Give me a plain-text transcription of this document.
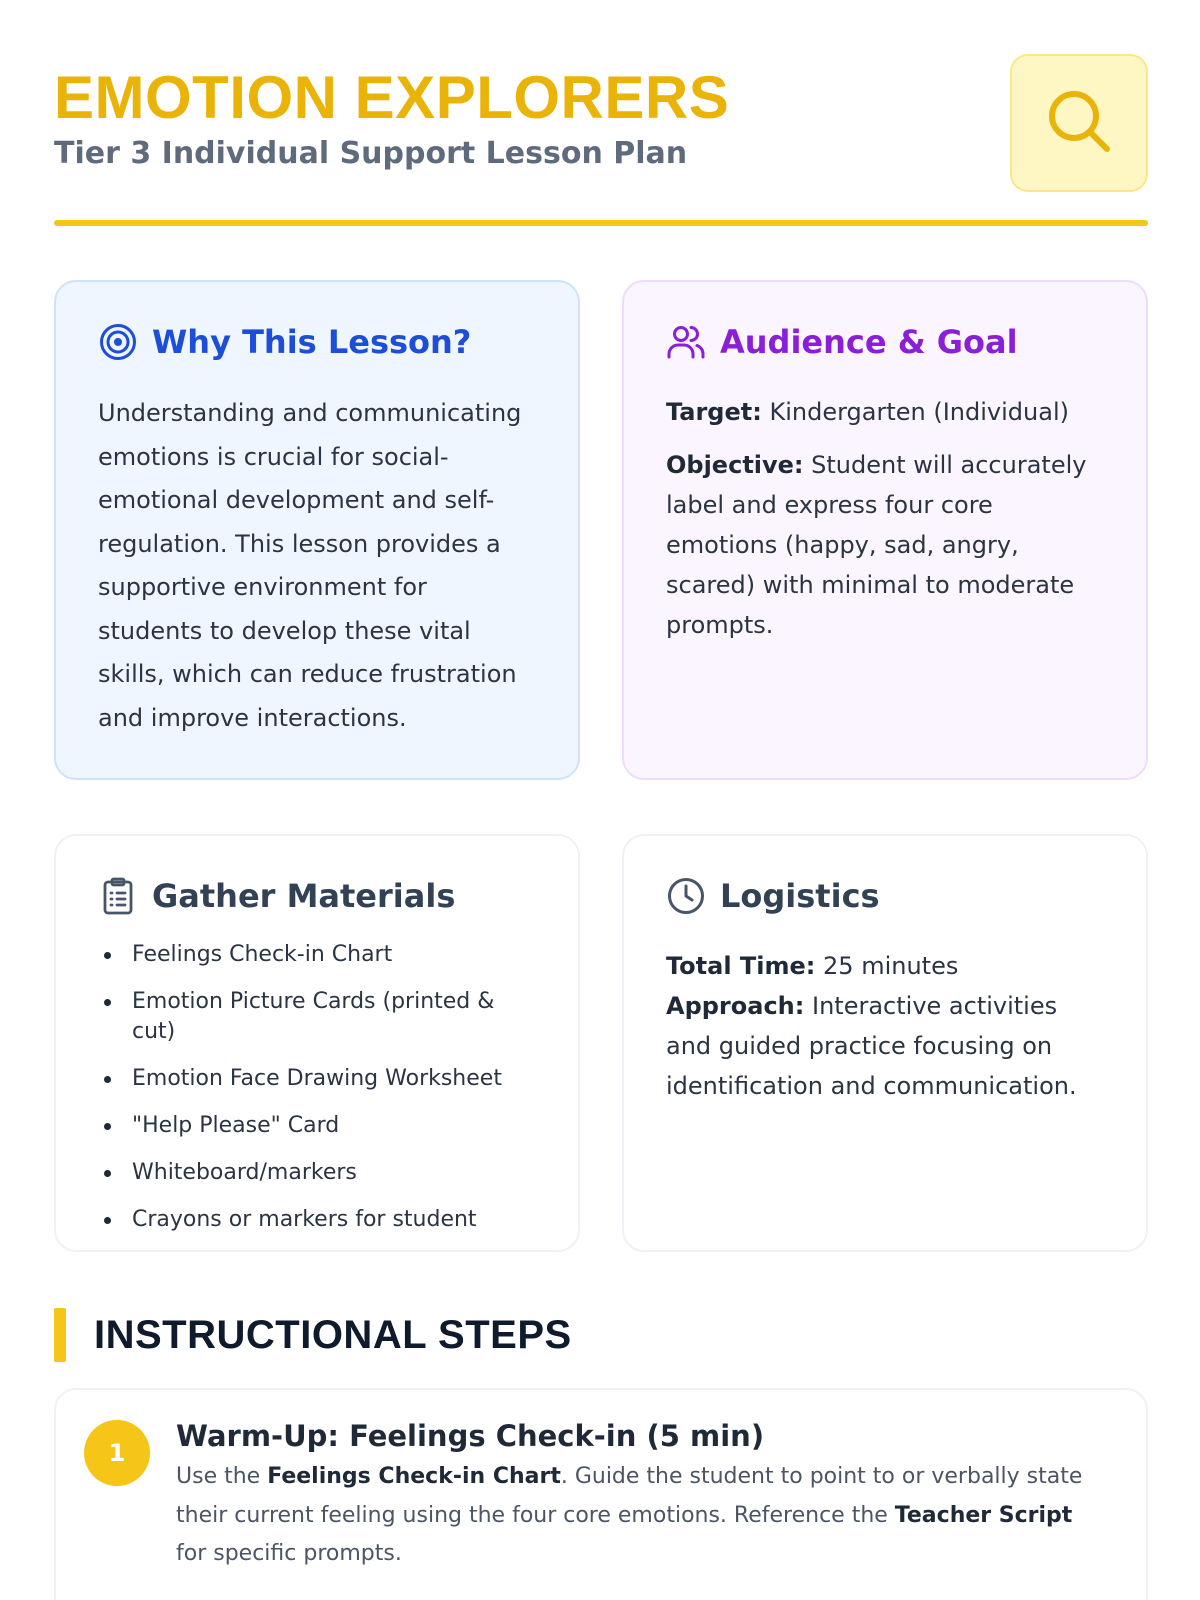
EMOTION EXPLORERS
Tier 3 Individual Support Lesson Plan
Why This Lesson?

Understanding and communicating emotions is crucial for social-emotional development and self-regulation. This lesson provides a supportive environment for students to develop these vital skills, which can reduce frustration and improve interactions.

Audience & Goal
Target: Kindergarten (Individual)
Objective: Student will accurately label and express four core emotions (happy, sad, angry, scared) with minimal to moderate prompts.
Gather Materials
Feelings Check-in Chart
Emotion Picture Cards (printed & cut)
Emotion Face Drawing Worksheet
"Help Please" Card
Whiteboard/markers
Crayons or markers for student
Logistics
Total Time: 25 minutes
Approach: Interactive activities and guided practice focusing on identification and communication.
INSTRUCTIONAL STEPS
1	Warm-Up: Feelings Check-in (5 min)
Use the Feelings Check-in Chart. Guide the student to point to or verbally state their current feeling using the four core emotions. Reference the Teacher Script for specific prompts.
